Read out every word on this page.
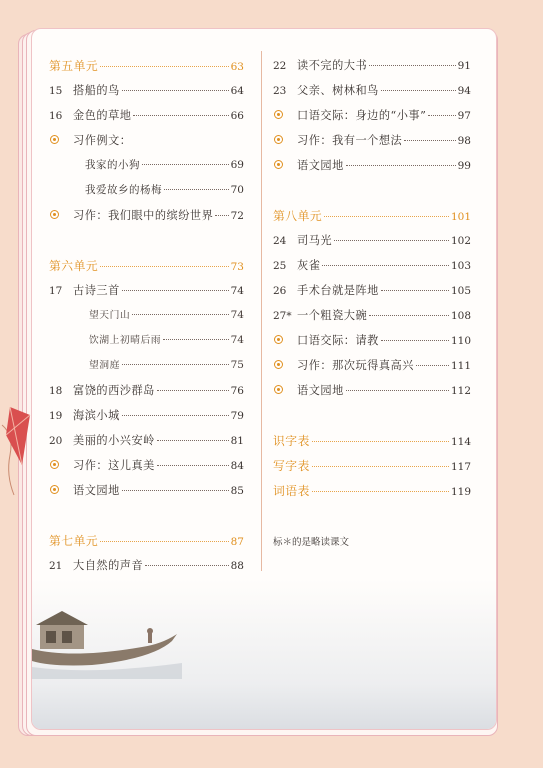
第五单元	63
15 搭船的鸟	64
16 金色的草地	66
习作例文：
我家的小狗	69
我爱故乡的杨梅	70
习作：我们眼中的缤纷世界 72
第六单元	73
17 古诗三首	74
望天门山	74
饮湖上初晴后雨	74
望洞庭	75
18 富饶的西沙群岛	76
19 海滨小城	79
20 美丽的小兴安岭	81
习作：这儿真美	84
语文园地	85
第七单元	87
21 大自然的声音	88
22 读不完的大书	91
23 父亲、树林和鸟	94
口语交际：身边的“小事”	97
习作：我有一个想法	98
语文园地	99
第八单元	101
24 司马光	102
25 灰雀	103
26 手术台就是阵地	105
27* 一个粗瓷大碗	108
口语交际：请教	110
习作：那次玩得真高兴	111
语文园地	112
识字表	114
写字表	117
词语表	119
标＊的是略读课文
